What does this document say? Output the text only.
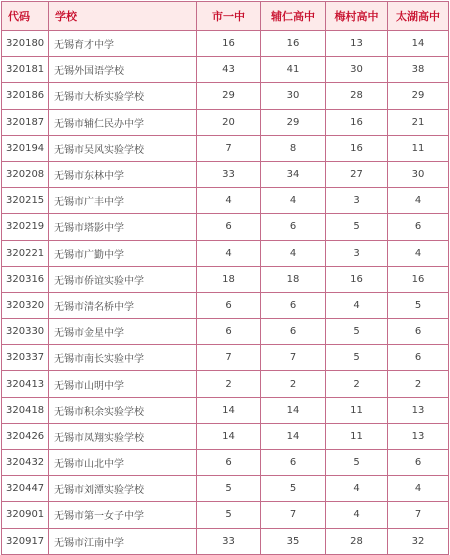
代码	学校	市一中	辅仁高中	梅村高中	太湖高中
320180	无锡育才中学	16	16	13	14
320181	无锡外国语学校	43	41	30	38
320186	无锡市大桥实验学校	29	30	28	29
320187	无锡市辅仁民办中学	20	29	16	21
320194	无锡市吴风实验学校	7	8	16	11
320208	无锡市东林中学	33	34	27	30
320215	无锡市广丰中学	4	4	3	4
320219	无锡市塔影中学	6	6	5	6
320221	无锡市广勤中学	4	4	3	4
320316	无锡市侨谊实验中学	18	18	16	16
320320	无锡市清名桥中学	6	6	4	5
320330	无锡市金星中学	6	6	5	6
320337	无锡市南长实验中学	7	7	5	6
320413	无锡市山明中学	2	2	2	2
320418	无锡市积余实验学校	14	14	11	13
320426	无锡市凤翔实验学校	14	14	11	13
320432	无锡市山北中学	6	6	5	6
320447	无锡市刘潭实验学校	5	5	4	4
320901	无锡市第一女子中学	5	7	4	7
320917	无锡市江南中学	33	35	28	32
